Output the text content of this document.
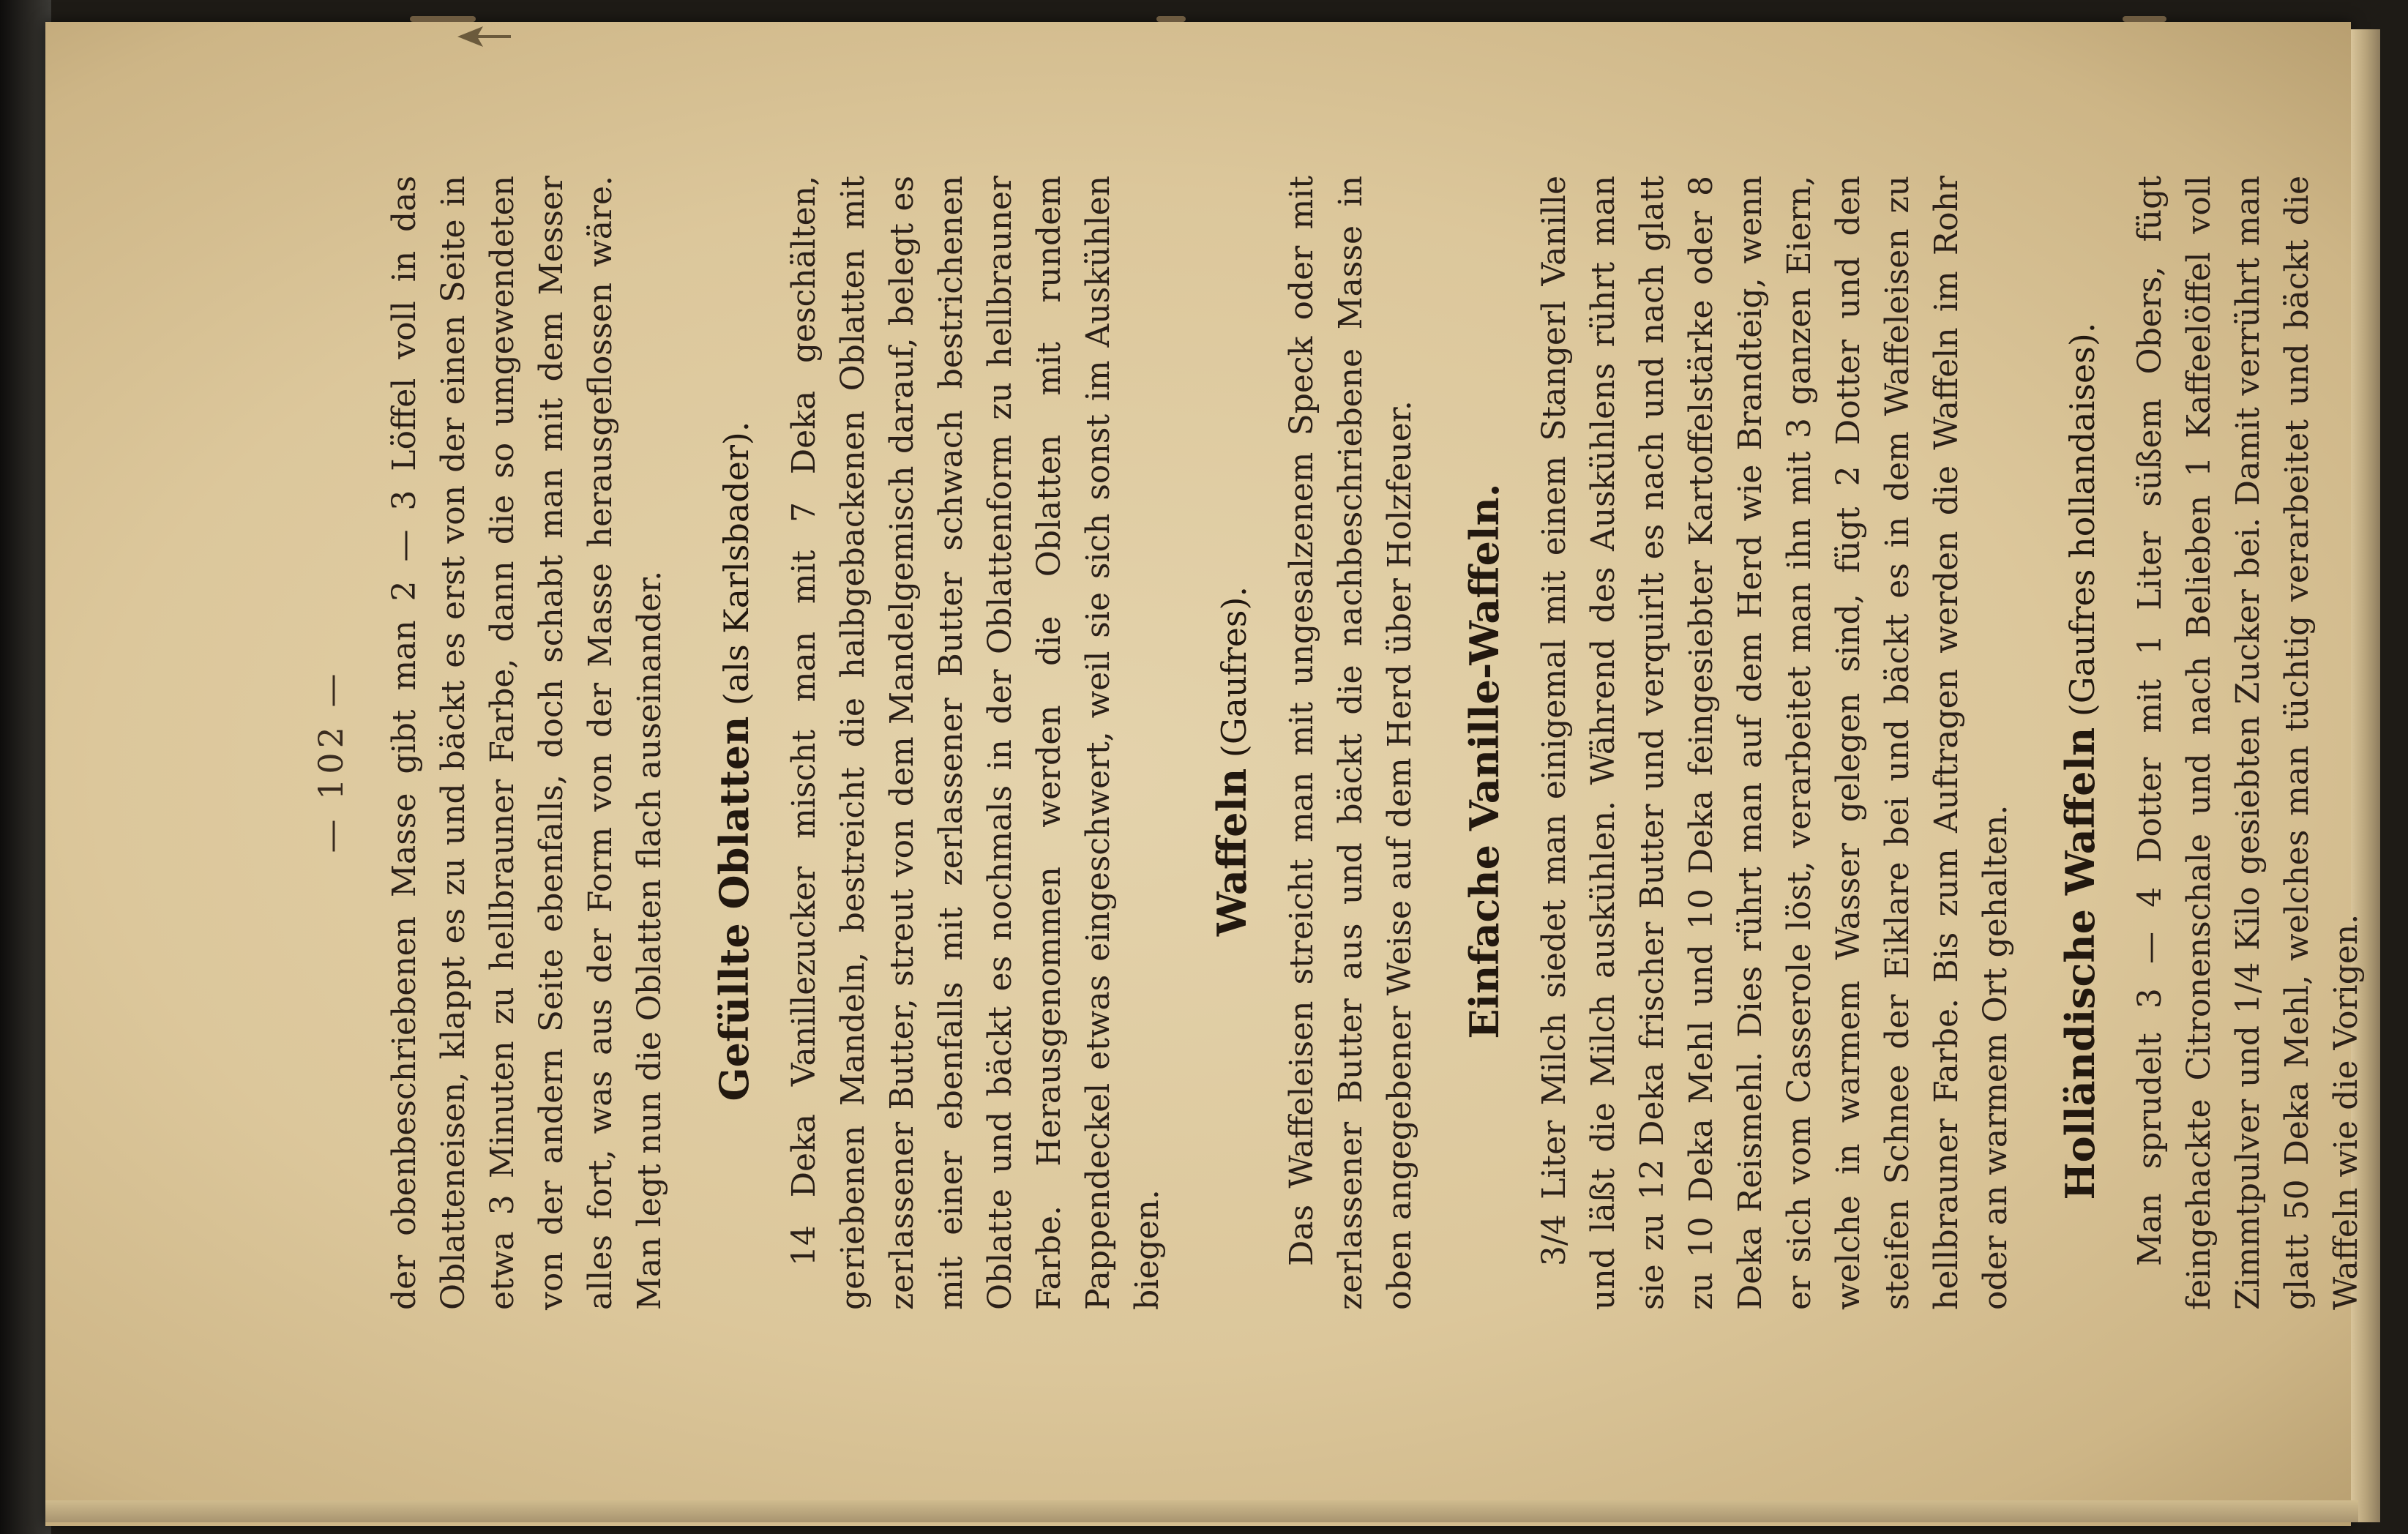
— 102 — der obenbeschriebenen Masse gibt man 2 — 3 Löffel voll in das Oblatteneisen, klappt es zu und bäckt es erst von der einen Seite in etwa 3 Minuten zu hellbrauner Farbe, dann die so umgewendeten von der andern Seite ebenfalls, doch schabt man mit dem Messer alles fort, was aus der Form von der Masse herausgeflossen wäre. Man legt nun die Oblatten flach auseinander. Gefüllte Oblatten (als Karlsbader). 14 Deka Vanillezucker mischt man mit 7 Deka geschälten, geriebenen Mandeln, bestreicht die halbgebackenen Oblatten mit zerlassener Butter, streut von dem Mandelgemisch darauf, belegt es mit einer ebenfalls mit zerlassener Butter schwach bestrichenen Oblatte und bäckt es nochmals in der Oblattenform zu hellbrauner Farbe. Herausgenommen werden die Oblatten mit rundem Pappendeckel etwas eingeschwert, weil sie sich sonst im Auskühlen biegen.
Waffeln (Gaufres). Das Waffeleisen streicht man mit ungesalzenem Speck oder mit zerlassener Butter aus und bäckt die nachbeschriebene Masse in oben angegebener Weise auf dem Herd über Holzfeuer. Einfache Vanille-Waffeln. 3/4 Liter Milch siedet man einigemal mit einem Stangerl Vanille und läßt die Milch auskühlen. Während des Auskühlens rührt man sie zu 12 Deka frischer Butter und verquirlt es nach und nach glatt zu 10 Deka Mehl und 10 Deka feingesiebter Kartoffelstärke oder 8 Deka Reismehl. Dies rührt man auf dem Herd wie Brandteig, wenn er sich vom Casserole löst, verarbeitet man ihn mit 3 ganzen Eiern, welche in warmem Wasser gelegen sind, fügt 2 Dotter und den steifen Schnee der Eiklare bei und bäckt es in dem Waffeleisen zu hellbrauner Farbe. Bis zum Auftragen werden die Waffeln im Rohr oder an warmem Ort gehalten. Holländische Waffeln (Gaufres hollandaises). Man sprudelt 3 — 4 Dotter mit 1 Liter süßem Obers, fügt feingehackte Citronenschale und nach Belieben 1 Kaffeelöffel voll Zimmtpulver und 1/4 Kilo gesiebten Zucker bei. Damit verrührt man glatt 50 Deka Mehl, welches man tüchtig verarbeitet und bäckt die Waffeln wie die Vorigen.
